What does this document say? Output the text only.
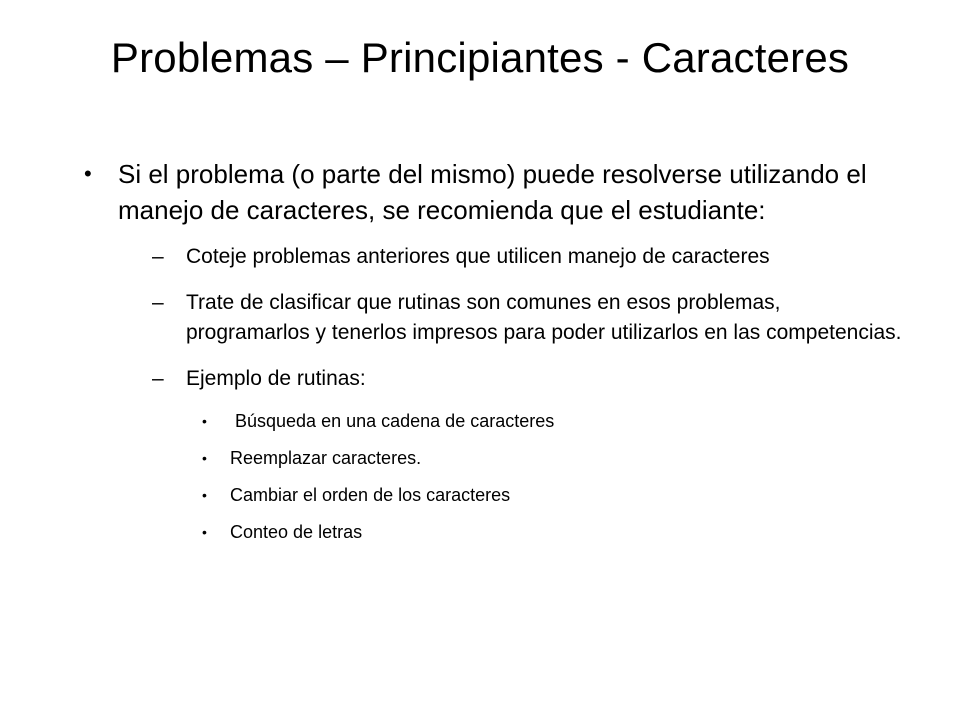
Problemas – Principiantes - Caracteres
• Si el problema (o parte del mismo) puede resolverse utilizando el manejo de caracteres, se recomienda que el estudiante:
– Coteje problemas anteriores que utilicen manejo de caracteres
– Trate de clasificar que rutinas son comunes en esos problemas, programarlos y tenerlos impresos para poder utilizarlos en las competencias.
– Ejemplo de rutinas:
• Búsqueda en una cadena de caracteres
• Reemplazar caracteres.
• Cambiar el orden de los caracteres
• Conteo de letras
